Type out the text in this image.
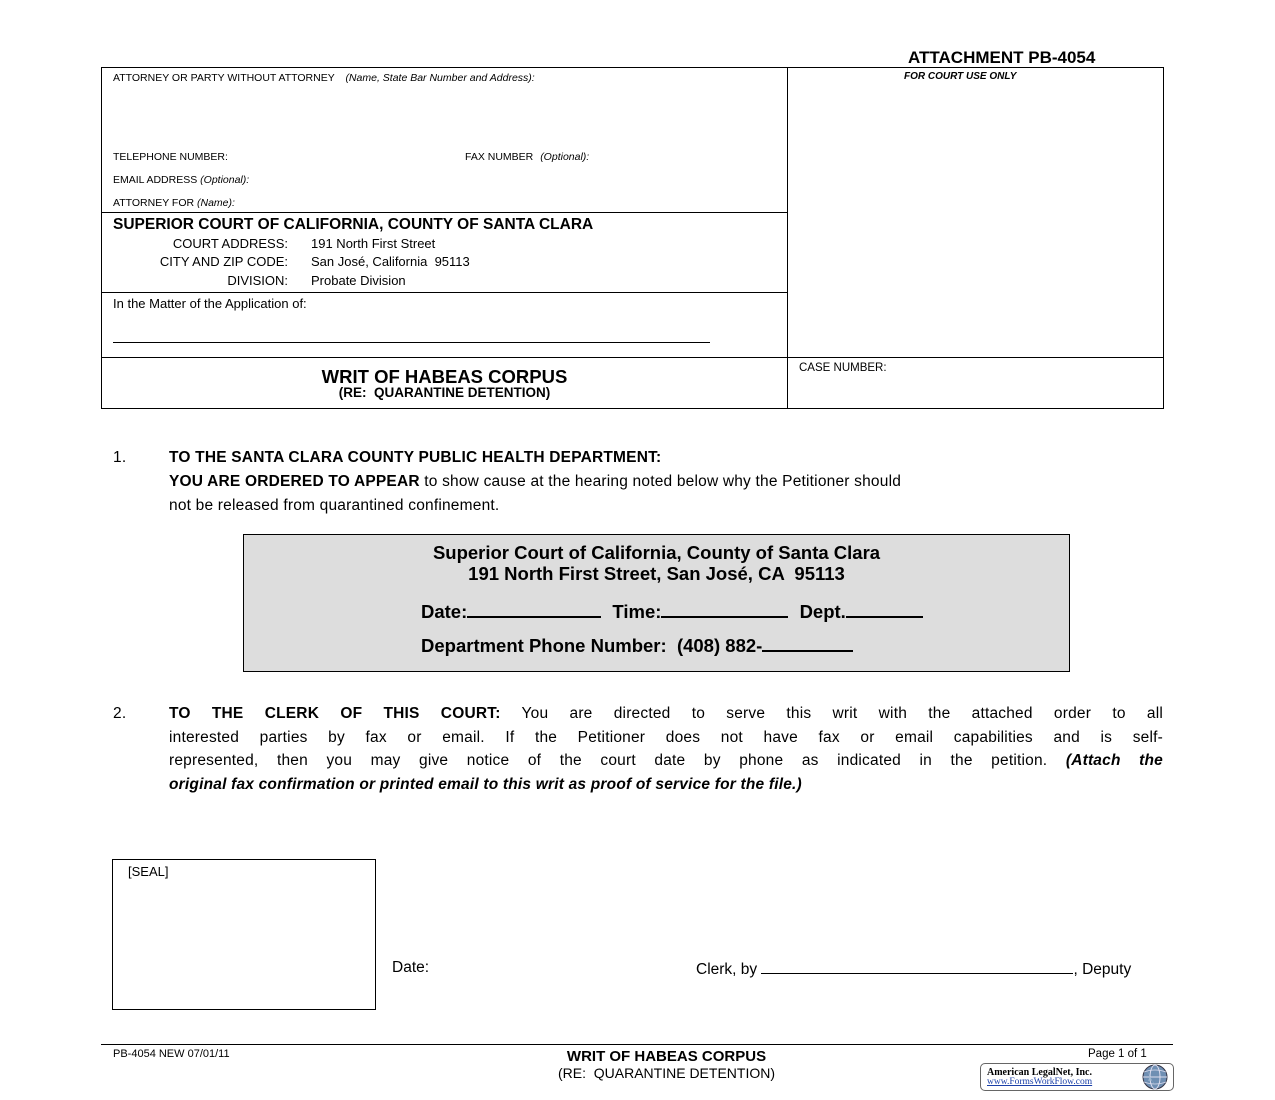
ATTACHMENT PB-4054
FOR COURT USE ONLY
ATTORNEY OR PARTY WITHOUT ATTORNEY (Name, State Bar Number and Address):
TELEPHONE NUMBER:	FAX NUMBER (Optional):
EMAIL ADDRESS (Optional):
ATTORNEY FOR (Name):
SUPERIOR COURT OF CALIFORNIA, COUNTY OF SANTA CLARA
COURT ADDRESS: 191 North First Street
CITY AND ZIP CODE: San José, California  95113
DIVISION: Probate Division
In the Matter of the Application of:
WRIT OF HABEAS CORPUS
(RE:  QUARANTINE DETENTION)
CASE NUMBER:
1.	TO THE SANTA CLARA COUNTY PUBLIC HEALTH DEPARTMENT:
YOU ARE ORDERED TO APPEAR to show cause at the hearing noted below why the Petitioner should
not be released from quarantined confinement.
Superior Court of California, County of Santa Clara
191 North First Street, San José, CA  95113
Date:	Time:	Dept.
Department Phone Number:  (408) 882-
2.	TO THE CLERK OF THIS COURT: You are directed to serve this writ with the attached order to all
interested parties by fax or email. If the Petitioner does not have fax or email capabilities and is self-
represented, then you may give notice of the court date by phone as indicated in the petition. (Attach the
original fax confirmation or printed email to this writ as proof of service for the file.)
[SEAL]
Date:	Clerk, by	, Deputy
PB-4054 NEW 07/01/11	WRIT OF HABEAS CORPUS
(RE:  QUARANTINE DETENTION)
Page 1 of 1
American LegalNet, Inc.
www.FormsWorkFlow.com
